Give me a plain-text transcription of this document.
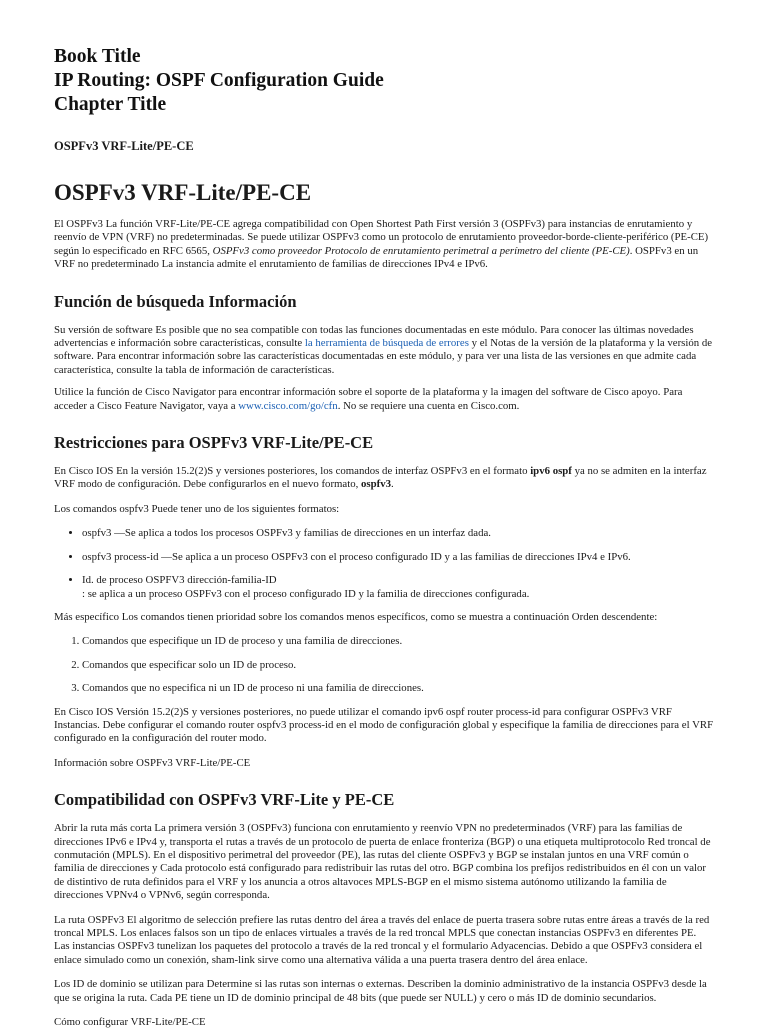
Book Title
IP Routing: OSPF Configuration Guide
Chapter Title
OSPFv3 VRF-Lite/PE-CE
OSPFv3 VRF-Lite/PE-CE

El OSPFv3 La función VRF-Lite/PE-CE agrega compatibilidad con Open Shortest Path First versión 3 (OSPFv3) para instancias de enrutamiento y reenvío de VPN (VRF) no predeterminadas. Se puede utilizar OSPFv3 como un protocolo de enrutamiento proveedor-borde-cliente-periférico (PE-CE) según lo especificado en RFC 6565, OSPFv3 como proveedor Protocolo de enrutamiento perimetral a perímetro del cliente (PE-CE). OSPFv3 en un VRF no predeterminado La instancia admite el enrutamiento de familias de direcciones IPv4 e IPv6.

Función de búsqueda Información

Su versión de software Es posible que no sea compatible con todas las funciones documentadas en este módulo. Para conocer las últimas novedades advertencias e información sobre características, consulte la herramienta de búsqueda de errores y el Notas de la versión de la plataforma y la versión de software. Para encontrar información sobre las características documentadas en este módulo, y para ver una lista de las versiones en que admite cada característica, consulte la tabla de información de características.

Utilice la función de Cisco Navigator para encontrar información sobre el soporte de la plataforma y la imagen del software de Cisco apoyo. Para acceder a Cisco Feature Navigator, vaya a www.cisco.com/go/cfn. No se requiere una cuenta en Cisco.com.

Restricciones para OSPFv3 VRF-Lite/PE-CE

En Cisco IOS En la versión 15.2(2)S y versiones posteriores, los comandos de interfaz OSPFv3 en el formato ipv6 ospf ya no se admiten en la interfaz VRF modo de configuración. Debe configurarlos en el nuevo formato, ospfv3.

Los comandos ospfv3 Puede tener uno de los siguientes formatos:

• ospfv3 —Se aplica a todos los procesos OSPFv3 y familias de direcciones en un interfaz dada.
• ospfv3 process-id —Se aplica a un proceso OSPFv3 con el proceso configurado ID y a las familias de direcciones IPv4 e IPv6.
• Id. de proceso OSPFV3 dirección-familia-ID
: se aplica a un proceso OSPFv3 con el proceso configurado ID y la familia de direcciones configurada.

Más específico Los comandos tienen prioridad sobre los comandos menos específicos, como se muestra a continuación Orden descendente:

1. Comandos que especifique un ID de proceso y una familia de direcciones.
2. Comandos que especificar solo un ID de proceso.
3. Comandos que no especifica ni un ID de proceso ni una familia de direcciones.

En Cisco IOS Versión 15.2(2)S y versiones posteriores, no puede utilizar el comando ipv6 ospf router process-id para configurar OSPFv3 VRF Instancias. Debe configurar el comando router ospfv3 process-id en el modo de configuración global y especifique la familia de direcciones para el VRF configurado en la configuración del router modo.

Información sobre OSPFv3 VRF-Lite/PE-CE

Compatibilidad con OSPFv3 VRF-Lite y PE-CE

Abrir la ruta más corta La primera versión 3 (OSPFv3) funciona con enrutamiento y reenvío VPN no predeterminados (VRF) para las familias de direcciones IPv6 e IPv4 y, transporta el rutas a través de un protocolo de puerta de enlace fronteriza (BGP) o una etiqueta multiprotocolo Red troncal de conmutación (MPLS). En el dispositivo perimetral del proveedor (PE), las rutas del cliente OSPFv3 y BGP se instalan juntos en una VRF común o familia de direcciones y Cada protocolo está configurado para redistribuir las rutas del otro. BGP combina los prefijos redistribuidos en él con un valor de distintivo de ruta definidos para el VRF y los anuncia a otros altavoces MPLS-BGP en el mismo sistema autónomo utilizando la familia de direcciones VPNv4 o VPNv6, según corresponda.

La ruta OSPFv3 El algoritmo de selección prefiere las rutas dentro del área a través del enlace de puerta trasera sobre rutas entre áreas a través de la red troncal MPLS. Los enlaces falsos son un tipo de enlaces virtuales a través de la red troncal MPLS que conectan instancias OSPFv3 en diferentes PE. Las instancias OSPFv3 tunelizan los paquetes del protocolo a través de la red troncal y el formulario Adyacencias. Debido a que OSPFv3 considera el enlace simulado como un conexión, sham-link sirve como una alternativa válida a una puerta trasera dentro del área enlace.

Los ID de dominio se utilizan para Determine si las rutas son internas o externas. Describen la dominio administrativo de la instancia OSPFv3 desde la que se origina la ruta. Cada PE tiene un ID de dominio principal de 48 bits (que puede ser NULL) y cero o más ID de dominio secundarios.

Cómo configurar VRF-Lite/PE-CE
